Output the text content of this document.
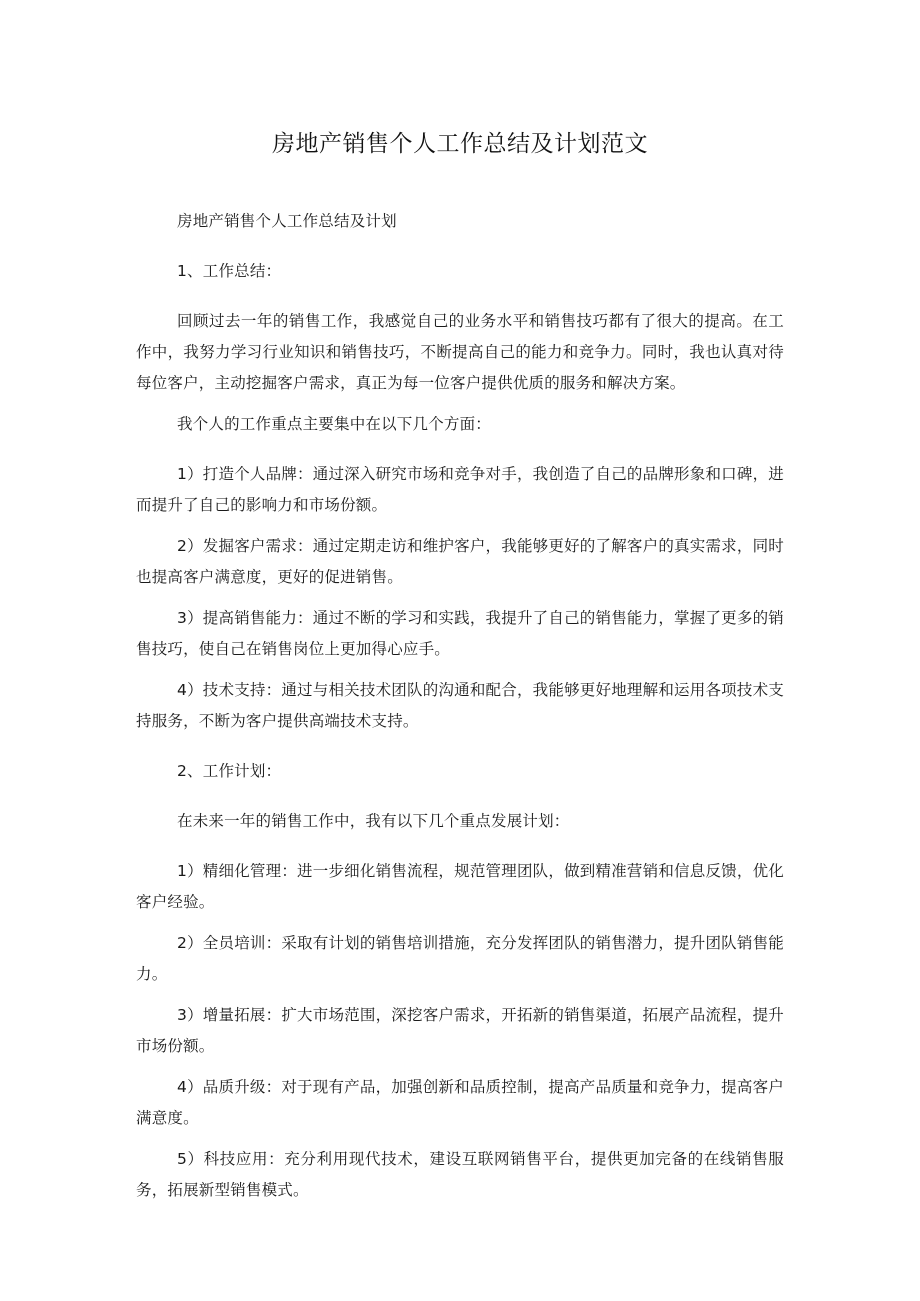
房地产销售个人工作总结及计划范文

房地产销售个人工作总结及计划

1、工作总结：

回顾过去一年的销售工作，我感觉自己的业务水平和销售技巧都有了很大的提高。在工作中，我努力学习行业知识和销售技巧，不断提高自己的能力和竞争力。同时，我也认真对待每位客户，主动挖掘客户需求，真正为每一位客户提供优质的服务和解决方案。

我个人的工作重点主要集中在以下几个方面：

1）打造个人品牌：通过深入研究市场和竞争对手，我创造了自己的品牌形象和口碑，进而提升了自己的影响力和市场份额。

2）发掘客户需求：通过定期走访和维护客户，我能够更好的了解客户的真实需求，同时也提高客户满意度，更好的促进销售。

3）提高销售能力：通过不断的学习和实践，我提升了自己的销售能力，掌握了更多的销售技巧，使自己在销售岗位上更加得心应手。

4）技术支持：通过与相关技术团队的沟通和配合，我能够更好地理解和运用各项技术支持服务，不断为客户提供高端技术支持。

2、工作计划：

在未来一年的销售工作中，我有以下几个重点发展计划：

1）精细化管理：进一步细化销售流程，规范管理团队，做到精准营销和信息反馈，优化客户经验。

2）全员培训：采取有计划的销售培训措施，充分发挥团队的销售潜力，提升团队销售能力。

3）增量拓展：扩大市场范围，深挖客户需求，开拓新的销售渠道，拓展产品流程，提升市场份额。

4）品质升级：对于现有产品，加强创新和品质控制，提高产品质量和竞争力，提高客户满意度。

5）科技应用：充分利用现代技术，建设互联网销售平台，提供更加完备的在线销售服务，拓展新型销售模式。
